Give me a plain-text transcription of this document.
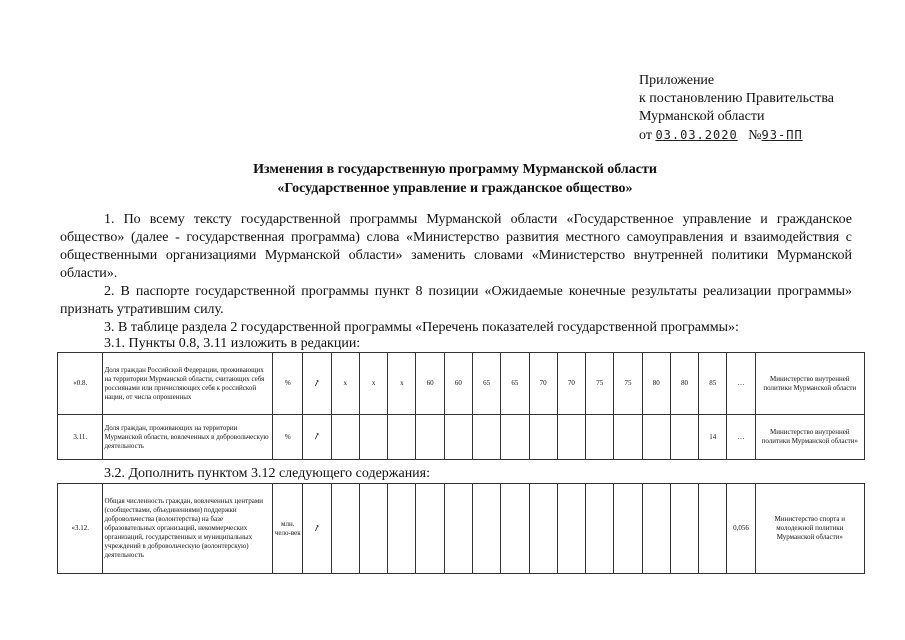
Приложение
к постановлению Правительства
Мурманской области
от 03.03.2020 №93-ПП
Изменения в государственную программу Мурманской области
«Государственное управление и гражданское общество»

1. По всему тексту государственной программы Мурманской области «Государственное управление и гражданское общество» (далее - государственная программа) слова «Министерство развития местного самоуправления и взаимодействия с общественными организациями Мурманской области» заменить словами «Министерство внутренней политики Мурманской области».

2. В паспорте государственной программы пункт 8 позиции «Ожидаемые конечные результаты реализации программы» признать утратившим силу.

3. В таблице раздела 2 государственной программы «Перечень показателей государственной программы»:

3.1. Пункты 0.8, 3.11 изложить в редакции:
«0.8.	Доля граждан Российской Федерации, проживающих на территории Мурманской области, считающих себя россиянами или причисляющих себя к российской нации, от числа опрошенных	%	↗	х	х	х	60	60	65	65	70	70	75	75	80	80	85	…	Министерство внутренней политики Мурманской области
3.11.	Доля граждан, проживающих на территории Мурманской области, вовлеченных в добровольческую деятельность	%	↗														14	…	Министерство внутренней политики Мурманской области»
3.2. Дополнить пунктом 3.12 следующего содержания:
«3.12.	Общая численность граждан, вовлеченных центрами (сообществами, объединениями) поддержки добровольчества (волонтерства) на базе образовательных организаций, некоммерческих организаций, государственных и муниципальных учреждений в добровольческую (волонтерскую) деятельность	млн. чело-век	↗															0,056	Министерство спорта и молодежной политики Мурманской области»
